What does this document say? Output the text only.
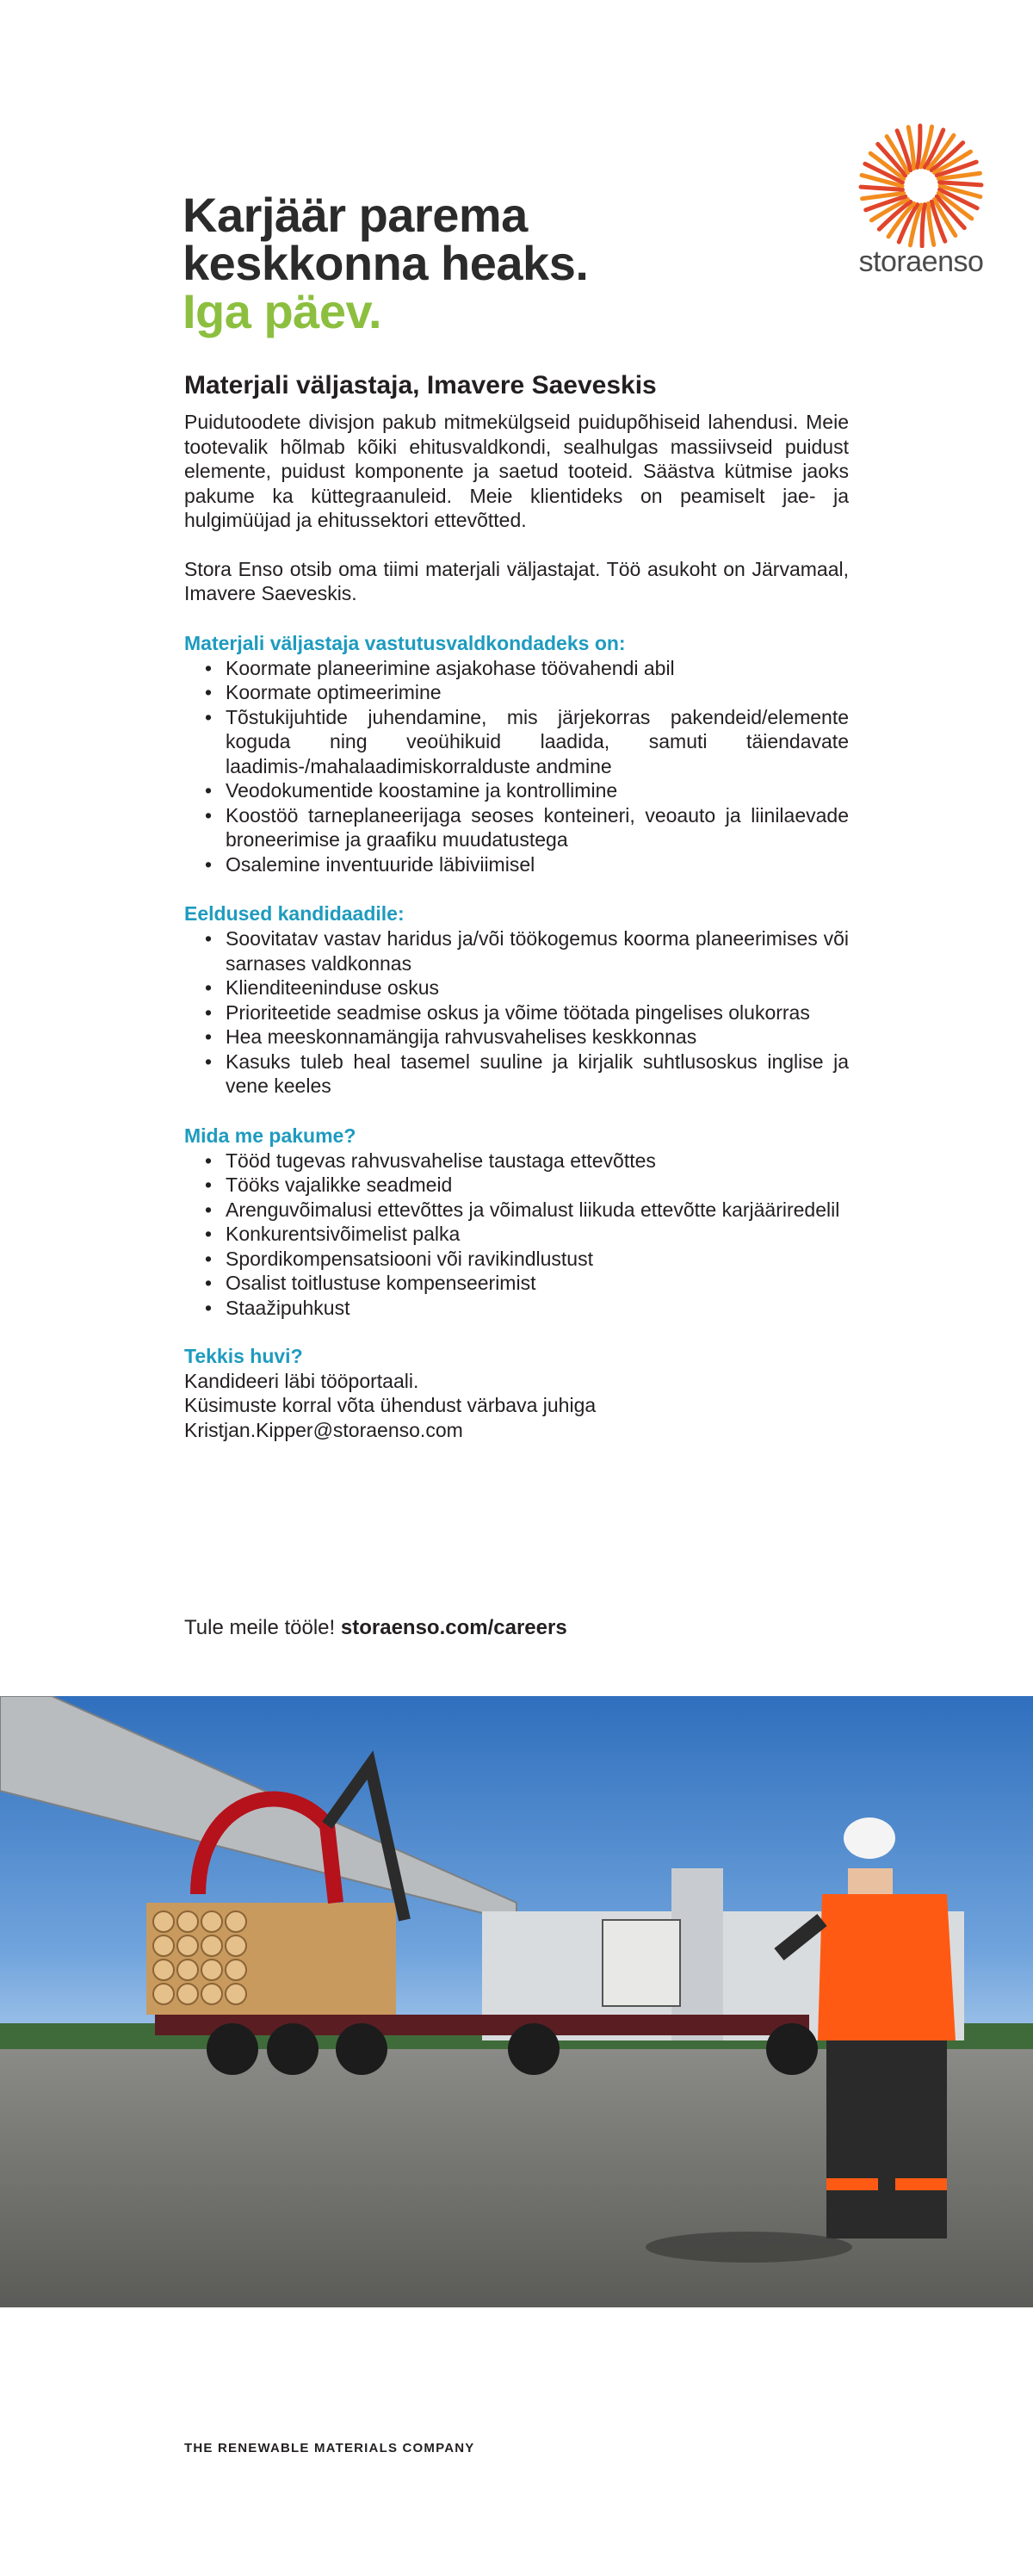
Karjäär parema
keskkonna heaks.
Iga päev.
storaenso
Materjali väljastaja, Imavere Saeveskis

Puidutoodete divisjon pakub mitmekülgseid puidupõhiseid lahendusi. Meie tootevalik hõlmab kõiki ehitusvaldkondi, sealhulgas massiivseid puidust elemente, puidust komponente ja saetud tooteid. Säästva kütmise jaoks pakume ka küttegraanuleid. Meie klientideks on peamiselt jae- ja hulgimüüjad ja ehitussektori ettevõtted.

Stora Enso otsib oma tiimi materjali väljastajat. Töö asukoht on Järvamaal, Imavere Saeveskis.

Materjali väljastaja vastutusvaldkondadeks on:
• Koormate planeerimine asjakohase töövahendi abil
• Koormate optimeerimine
• Tõstukijuhtide juhendamine, mis järjekorras pakendeid/elemente koguda ning veoühikuid laadida, samuti täiendavate laadimis-/mahalaadimiskorralduste andmine
• Veodokumentide koostamine ja kontrollimine
• Koostöö tarneplaneerijaga seoses konteineri, veoauto ja liinilaevade broneerimise ja graafiku muudatustega
• Osalemine inventuuride läbiviimisel
Eeldused kandidaadile:
• Soovitatav vastav haridus ja/või töökogemus koorma planeerimises või sarnases valdkonnas
• Klienditeeninduse oskus
• Prioriteetide seadmise oskus ja võime töötada pingelises olukorras
• Hea meeskonnamängija rahvusvahelises keskkonnas
• Kasuks tuleb heal tasemel suuline ja kirjalik suhtlusoskus inglise ja vene keeles
Mida me pakume?
• Tööd tugevas rahvusvahelise taustaga ettevõttes
• Tööks vajalikke seadmeid
• Arenguvõimalusi ettevõttes ja võimalust liikuda ettevõtte karjääriredelil
• Konkurentsivõimelist palka
• Spordikompensatsiooni või ravikindlustust
• Osalist toitlustuse kompenseerimist
• Staažipuhkust
Tekkis huvi?
Kandideeri läbi tööportaali.
Küsimuste korral võta ühendust värbava juhiga
Kristjan.Kipper@storaenso.com
Tule meile tööle! storaenso.com/careers
THE RENEWABLE MATERIALS COMPANY
